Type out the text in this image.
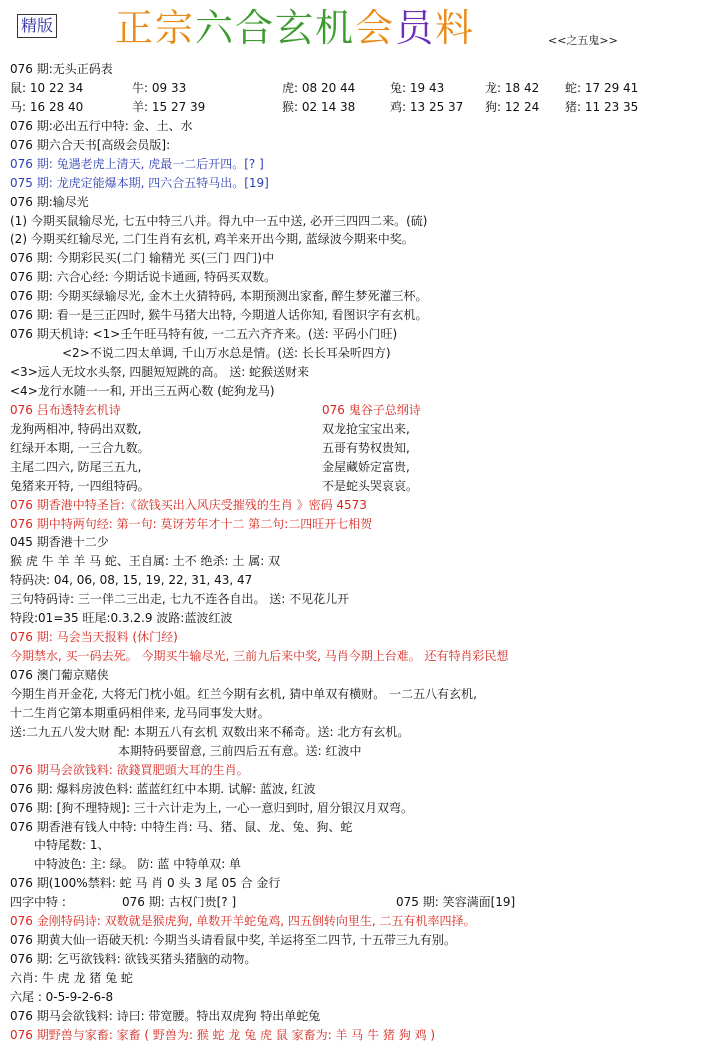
精版 正宗六合玄机会员料	<<之五鬼>>
076 期:无头正码表
鼠: 10 22 34	牛: 09 33	虎: 08 20 44	兔: 19 43	龙: 18 42 蛇: 17 29 41
马: 16 28 40	羊: 15 27 39	猴: 02 14 38	鸡: 13 25 37 狗: 12 24 猪: 11 23 35
076 期:必出五行中特: 金、土、水
076 期六合天书[高级会员版]:
076 期: 兔遇老虎上清天, 虎最一二后开四。[? ]
075 期: 龙虎定能爆本期, 四六合五特马出。[19]
076 期:输尽光
(1) 今期买鼠输尽光, 七五中特三八并。得九中一五中送, 必开三四四二来。(硫)
(2) 今期买红输尽光, 二门生肖有玄机, 鸡羊来开出今期, 蓝绿波今期来中奖。
076 期: 今期彩民买(二门 输精光 买(三门 四门)中
076 期: 六合心经: 今期话说卡通画, 特码买双数。
076 期: 今期买绿输尽光, 金木土火猜特码, 本期预测出家畜, 醉生梦死灌三杯。
076 期: 看一是三正四时, 猴牛马猪大出特, 今期道人话你知, 看图识字有玄机。
076 期天机诗: <1>壬午旺马特有彼, 一二五六齐齐来。(送: 平码小门旺)
<2>不说二四太单调, 千山万水总是情。(送: 长长耳朵听四方)
<3>远人无坟水头祭, 四腿短短跳的高。 送: 蛇猴送财来
<4>龙行水随一一和, 开出三五两心数 (蛇狗龙马)
076 吕布透特玄机诗	076 鬼谷子总纲诗
龙狗两相冲, 特码出双数,	双龙抢宝宝出来,
红绿开本期, 一三合九数。	五哥有势权贵知,
主尾二四六, 防尾三五九,	金屋藏娇定富贵,
兔猪来开特, 一四组特码。	不是蛇头哭哀哀。
076 期香港中特圣旨:《欲钱买出入风庆受摧残的生肖 》密码 4573
076 期中特两句经: 第一句: 莫讶芳年才十二 第二句:二四旺开七相贺
045 期香港十二少
猴 虎 牛 羊 羊 马 蛇、王自属: 土不 绝杀: 土 属: 双
特码决: 04, 06, 08, 15, 19, 22, 31, 43, 47
三句特码诗: 三一伴二三出走, 七九不连各自出。 送: 不见花儿开
特段:01=35 旺尾:0.3.2.9 波路:蓝波红波
076 期: 马会当天报料 (休门经)
今期禁水, 买一码去死。 今期买牛输尽光, 三前九后来中奖, 马肖今期上台难。 还有特肖彩民想
076 澳门葡京赌侠
今期生肖开金花, 大将无门枕小姐。红兰今期有玄机, 猜中单双有横财。 一二五八有玄机,
十二生肖它第本期重码相伴来, 龙马同事发大财。
送:二九五八发大财 配: 本期五八有玄机 双数出来不稀奇。送: 北方有玄机。
本期特码要留意, 三前四后五有意。送: 红波中
076 期马会欲钱料: 欲錢買肥頭大耳的生肖。
076 期: 爆料房波色料: 蓝蓝红红中本期. 试解: 蓝波, 红波
076 期: [狗不理特规]: 三十六计走为上, 一心一意归到时, 眉分银汉月双弯。
076 期香港有钱人中特: 中特生肖: 马、猪、鼠、龙、兔、狗、蛇
中特尾数: 1、
中特波色: 主: 绿。 防: 蓝 中特单双: 单
076 期(100%禁料: 蛇 马 肖 0 头 3 尾 05 合 金行
四字中特 :	076 期: 古权门贵[? ]	075 期: 笑容满面[19]
076 金刚特码诗: 双数就是猴虎狗, 单数开羊蛇兔鸡, 四五倒转向里生, 二五有机率四择。
076 期黄大仙一语破天机: 今期当头请看鼠中奖, 羊运将至二四节, 十五带三九有别。
076 期: 乞丐欲钱料: 欲钱买猪头猪脑的动物。
六肖: 牛 虎 龙 猪 兔 蛇
六尾 : 0-5-9-2-6-8
076 期马会欲钱料: 诗曰: 带宽腰。特出双虎狗 特出单蛇兔
076 期野兽与家畜: 家畜 ( 野兽为: 猴 蛇 龙 兔 虎 鼠 家畜为: 羊 马 牛 猪 狗 鸡 )
